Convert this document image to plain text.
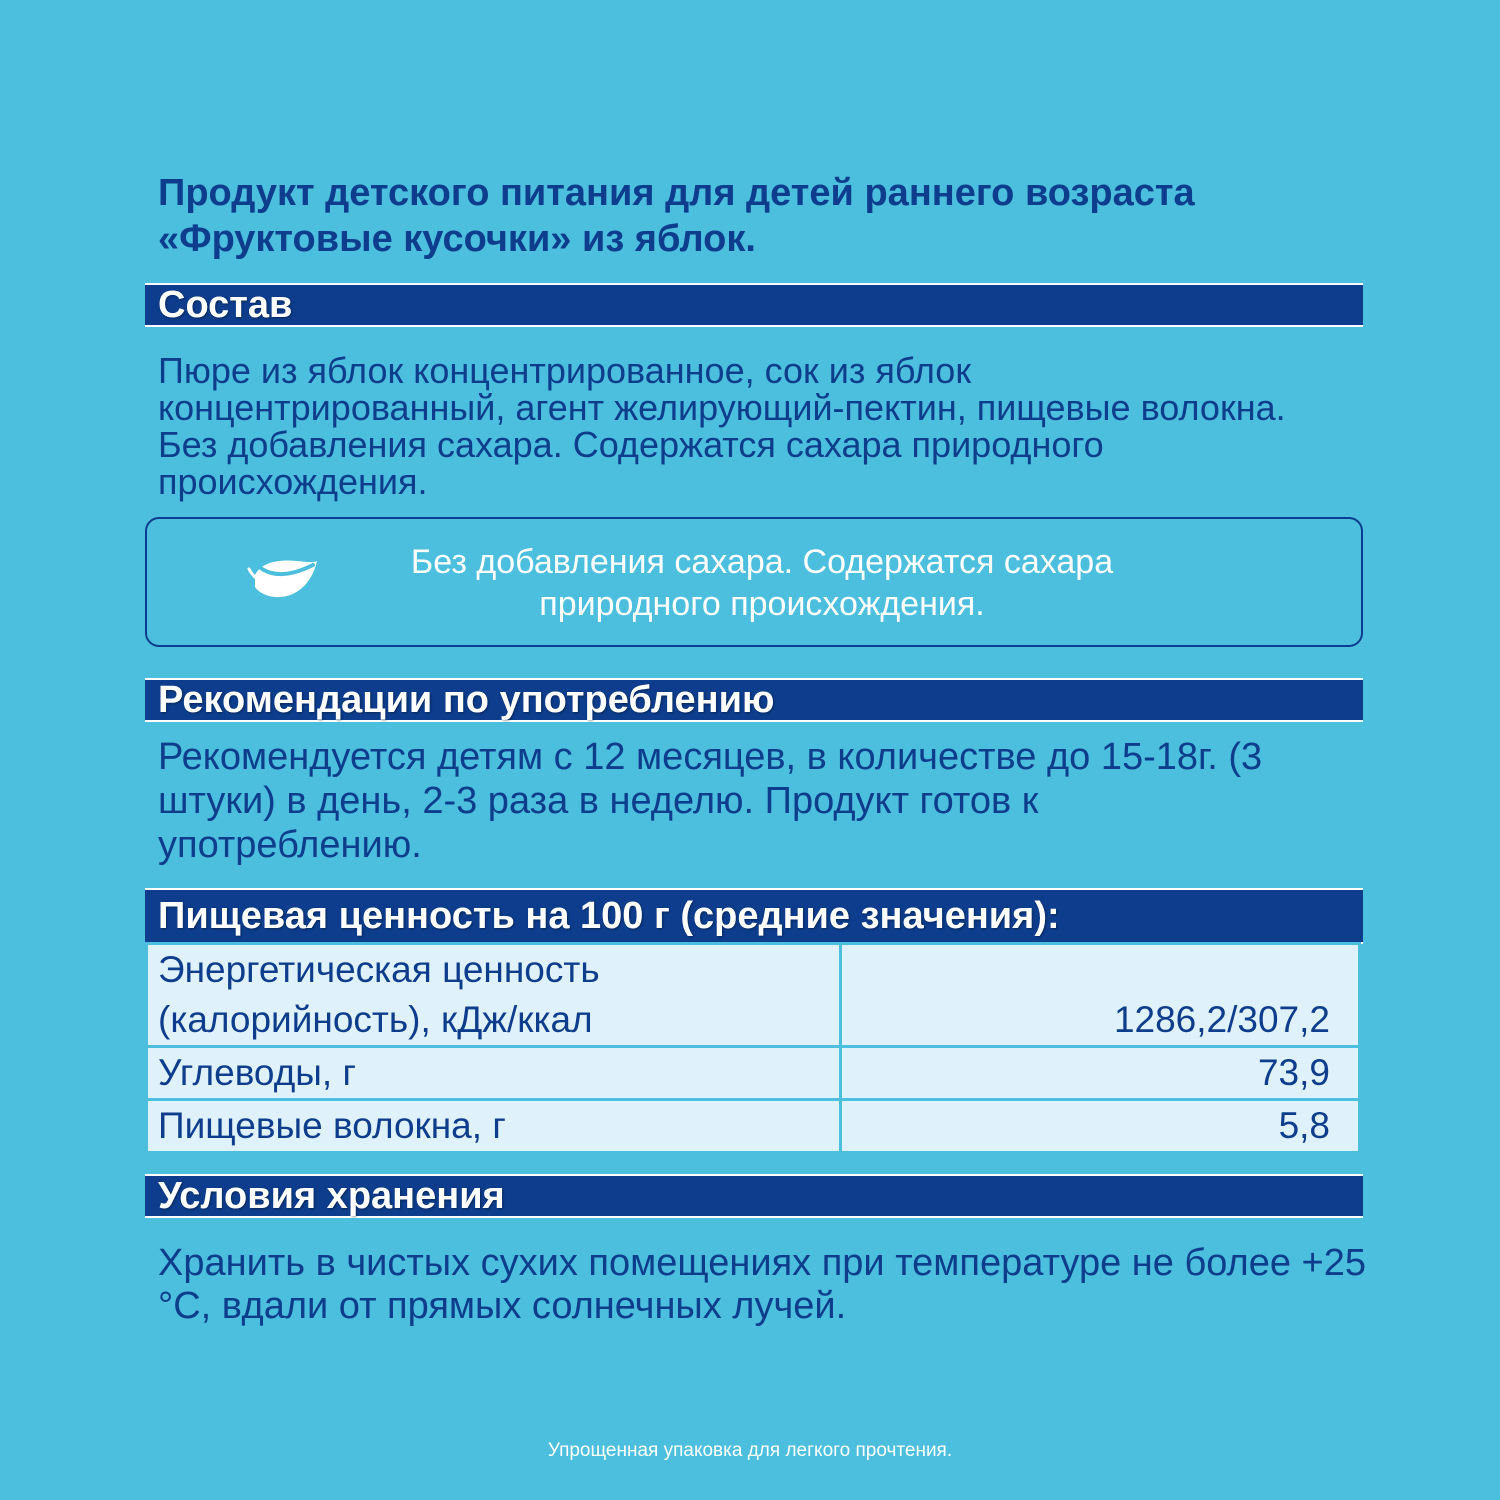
Продукт детского питания для детей раннего возраста «Фруктовые кусочки» из яблок.
Состав

Пюре из яблок концентрированное, сок из яблок концентрированный, агент желирующий-пектин, пищевые волокна. Без добавления сахара. Содержатся сахара природного происхождения.

Без добавления сахара. Содержатся сахара природного происхождения.

Рекомендации по употреблению

Рекомендуется детям с 12 месяцев, в количестве до 15-18г. (3 штуки) в день, 2-3 раза в неделю. Продукт готов к употреблению.

Пищевая ценность на 100 г (средние значения):
Энергетическая ценность (калорийность), кДж/ккал	1286,2/307,2
Углеводы, г	73,9
Пищевые волокна, г	5,8
Условия хранения

Хранить в чистых сухих помещениях при температуре не более +25 °С, вдали от прямых солнечных лучей.

Упрощенная упаковка для легкого прочтения.
